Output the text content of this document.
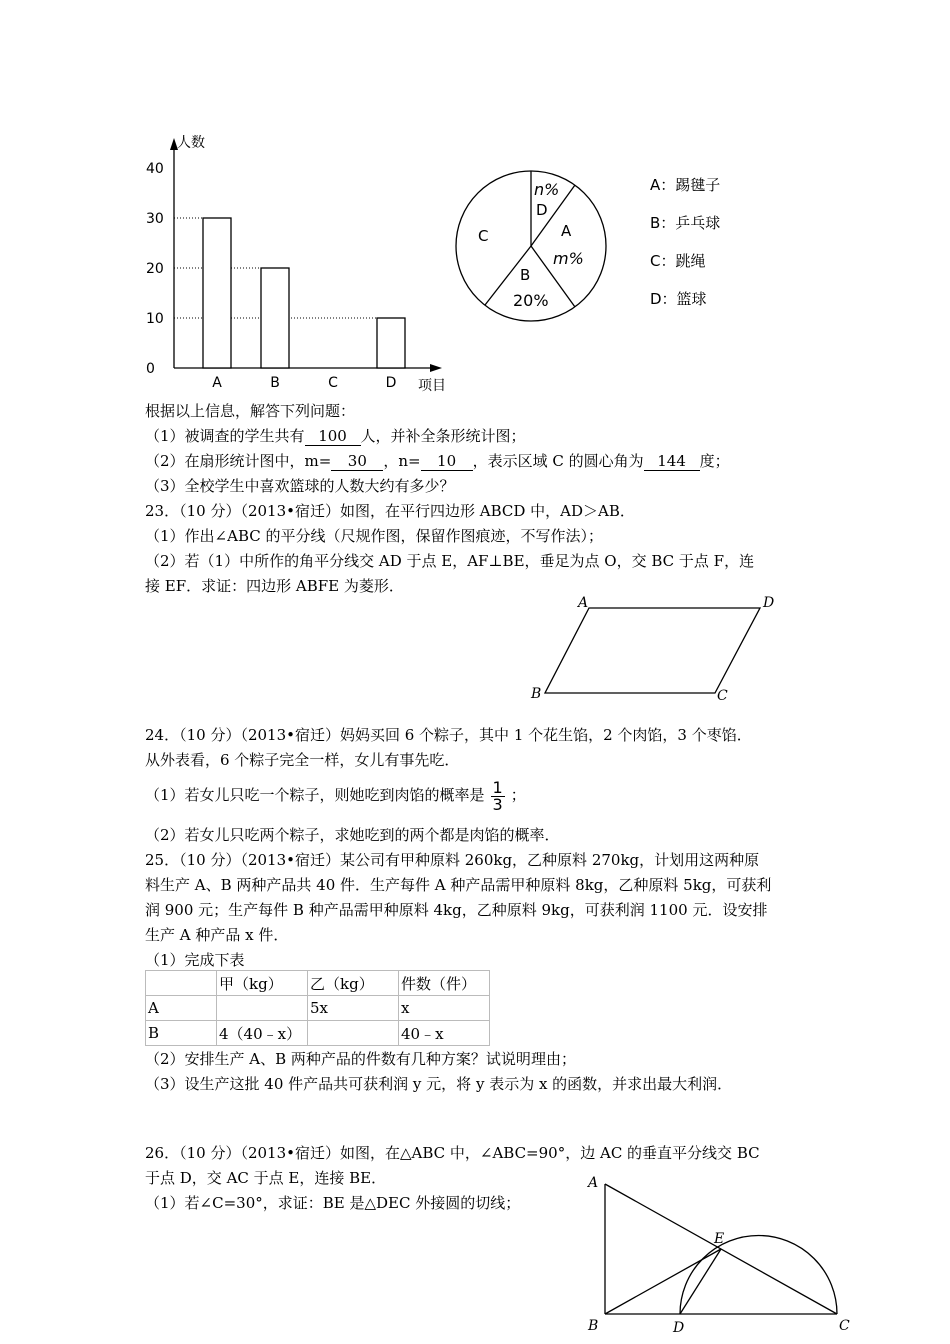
0
10
20
30
40
A	B	C	D
人数
项目
n%
D
A
m%
B
20%
C
A：踢毽子
B：乒乓球
C：跳绳
D：篮球
根据以上信息，解答下列问题：
（1）被调查的学生共有 100 人，并补全条形统计图；
（2）在扇形统计图中，m= 30 ，n= 10 ，表示区域 C 的圆心角为 144 度；
（3）全校学生中喜欢篮球的人数大约有多少？
23．（10 分）（2013•宿迁）如图，在平行四边形 ABCD 中，AD＞AB．
（1）作出∠ABC 的平分线（尺规作图，保留作图痕迹，不写作法）；
（2）若（1）中所作的角平分线交 AD 于点 E，AF⊥BE，垂足为点 O，交 BC 于点 F，连
接 EF．求证：四边形 ABFE 为菱形．
A	D
B	C
24．（10 分）（2013•宿迁）妈妈买回 6 个粽子，其中 1 个花生馅，2 个肉馅，3 个枣馅．
从外表看，6 个粽子完全一样，女儿有事先吃．
（1）若女儿只吃一个粽子，则她吃到肉馅的概率是 $\frac{1}{3}$ ；
（2）若女儿只吃两个粽子，求她吃到的两个都是肉馅的概率．
25．（10 分）（2013•宿迁）某公司有甲种原料 260kg，乙种原料 270kg，计划用这两种原
料生产 A、B 两种产品共 40 件．生产每件 A 种产品需甲种原料 8kg，乙种原料 5kg，可获利
润 900 元；生产每件 B 种产品需甲种原料 4kg，乙种原料 9kg，可获利润 1100 元．设安排
生产 A 种产品 x 件．
（1）完成下表
	甲（kg）	乙（kg）	件数（件）
A		5x	x
B	4（40﹣x）		40﹣x
（2）安排生产 A、B 两种产品的件数有几种方案？试说明理由；
（3）设生产这批 40 件产品共可获利润 y 元，将 y 表示为 x 的函数，并求出最大利润．
26．（10 分）（2013•宿迁）如图，在△ABC 中，∠ABC=90°，边 AC 的垂直平分线交 BC
于点 D，交 AC 于点 E，连接 BE．
（1）若∠C=30°，求证：BE 是△DEC 外接圆的切线；
A
E
B	D	C
